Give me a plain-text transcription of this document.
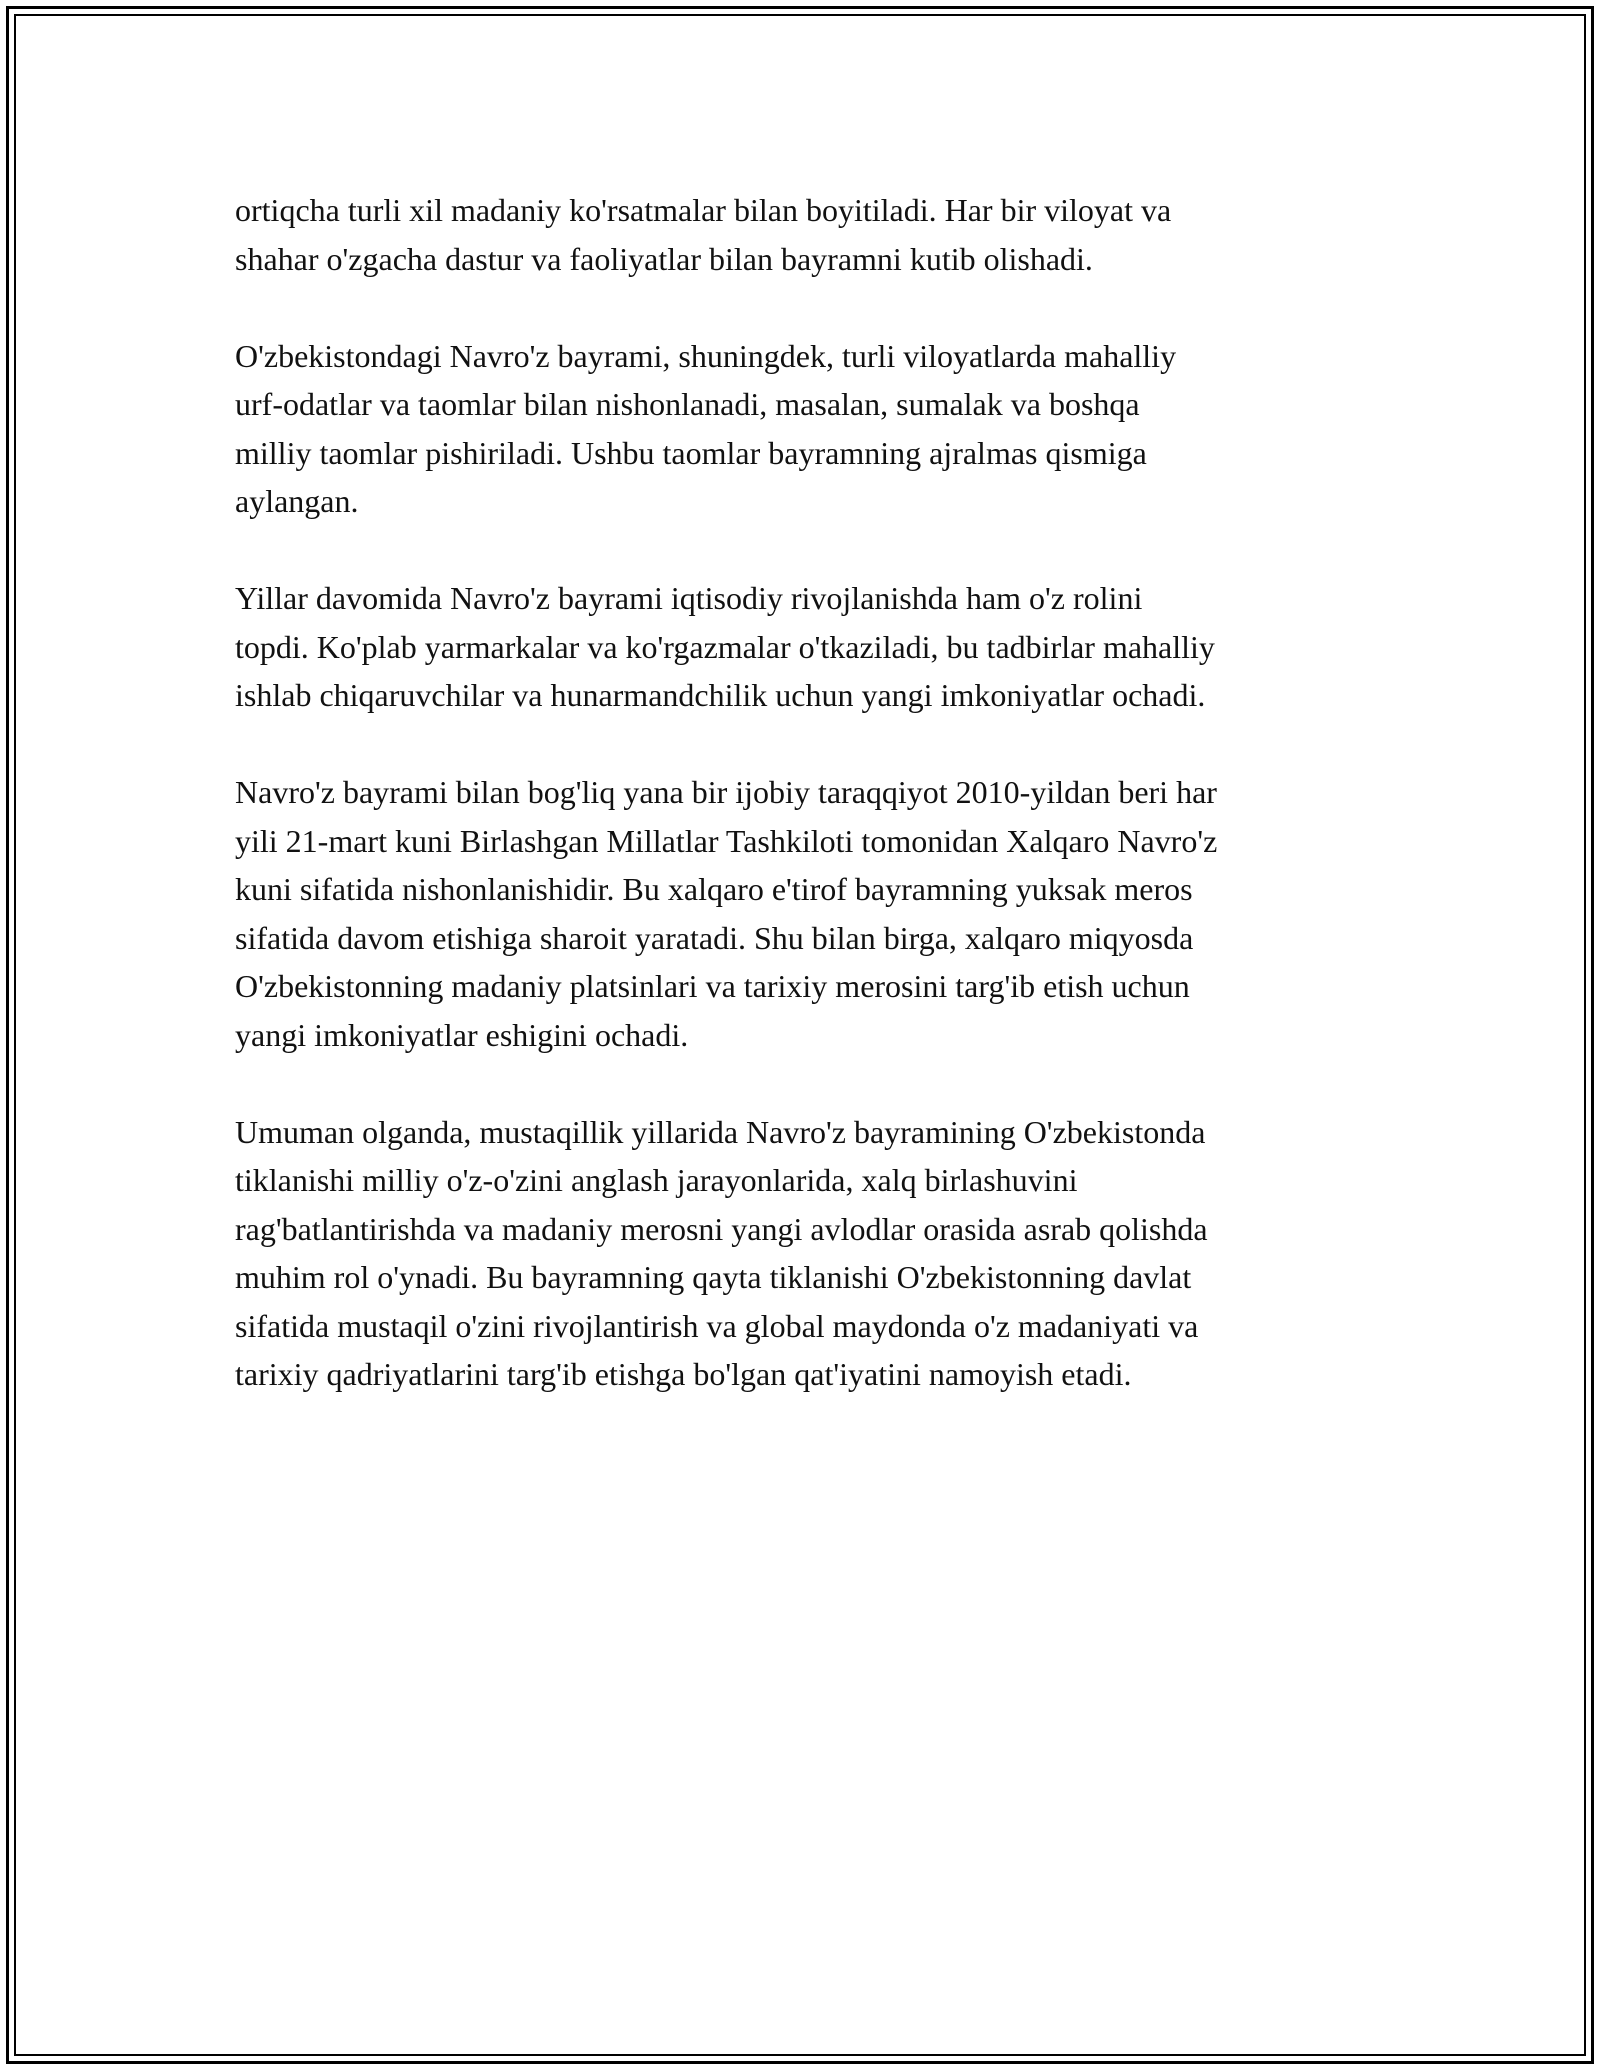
ortiqcha turli xil madaniy ko'rsatmalar bilan boyitiladi. Har bir viloyat va
shahar o'zgacha dastur va faoliyatlar bilan bayramni kutib olishadi.

O'zbekistondagi Navro'z bayrami, shuningdek, turli viloyatlarda mahalliy
urf-odatlar va taomlar bilan nishonlanadi, masalan, sumalak va boshqa
milliy taomlar pishiriladi. Ushbu taomlar bayramning ajralmas qismiga
aylangan.

Yillar davomida Navro'z bayrami iqtisodiy rivojlanishda ham o'z rolini
topdi. Ko'plab yarmarkalar va ko'rgazmalar o'tkaziladi, bu tadbirlar mahalliy
ishlab chiqaruvchilar va hunarmandchilik uchun yangi imkoniyatlar ochadi.

Navro'z bayrami bilan bog'liq yana bir ijobiy taraqqiyot 2010-yildan beri har
yili 21-mart kuni Birlashgan Millatlar Tashkiloti tomonidan Xalqaro Navro'z
kuni sifatida nishonlanishidir. Bu xalqaro e'tirof bayramning yuksak meros
sifatida davom etishiga sharoit yaratadi. Shu bilan birga, xalqaro miqyosda
O'zbekistonning madaniy platsinlari va tarixiy merosini targ'ib etish uchun
yangi imkoniyatlar eshigini ochadi.

Umuman olganda, mustaqillik yillarida Navro'z bayramining O'zbekistonda
tiklanishi milliy o'z-o'zini anglash jarayonlarida, xalq birlashuvini
rag'batlantirishda va madaniy merosni yangi avlodlar orasida asrab qolishda
muhim rol o'ynadi. Bu bayramning qayta tiklanishi O'zbekistonning davlat
sifatida mustaqil o'zini rivojlantirish va global maydonda o'z madaniyati va
tarixiy qadriyatlarini targ'ib etishga bo'lgan qat'iyatini namoyish etadi.
